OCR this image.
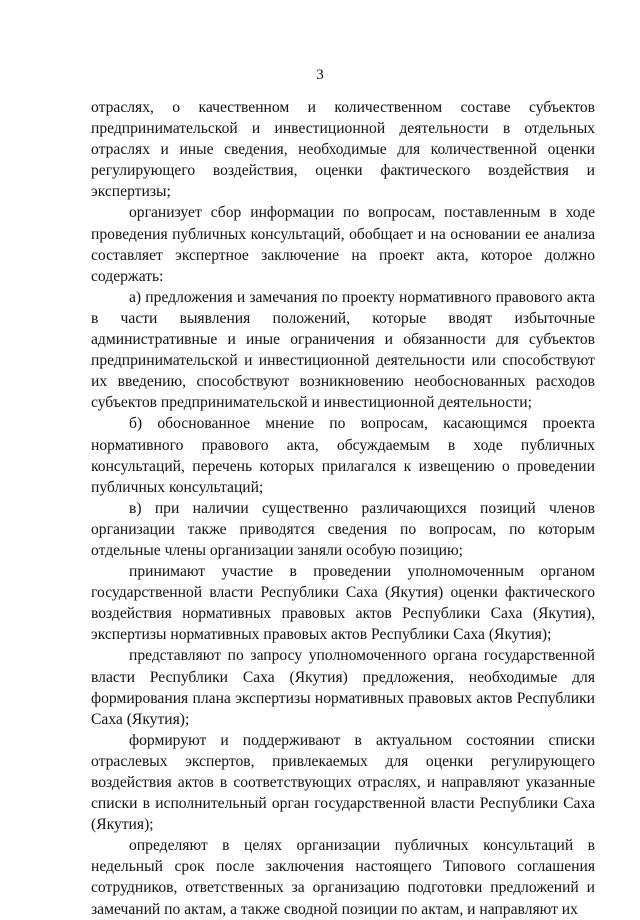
3

отраслях, о качественном и количественном составе субъектов предпринимательской и инвестиционной деятельности в отдельных отраслях и иные сведения, необходимые для количественной оценки регулирующего воздействия, оценки фактического воздействия и экспертизы;

организует сбор информации по вопросам, поставленным в ходе проведения публичных консультаций, обобщает и на основании ее анализа составляет экспертное заключение на проект акта, которое должно содержать:

а) предложения и замечания по проекту нормативного правового акта в части выявления положений, которые вводят избыточные административные и иные ограничения и обязанности для субъектов предпринимательской и инвестиционной деятельности или способствуют их введению, способствуют возникновению необоснованных расходов субъектов предпринимательской и инвестиционной деятельности;

б) обоснованное мнение по вопросам, касающимся проекта нормативного правового акта, обсуждаемым в ходе публичных консультаций, перечень которых прилагался к извещению о проведении публичных консультаций;

в) при наличии существенно различающихся позиций членов организации также приводятся сведения по вопросам, по которым отдельные члены организации заняли особую позицию;

принимают участие в проведении уполномоченным органом государственной власти Республики Саха (Якутия) оценки фактического воздействия нормативных правовых актов Республики Саха (Якутия), экспертизы нормативных правовых актов Республики Саха (Якутия);

представляют по запросу уполномоченного органа государственной власти Республики Саха (Якутия) предложения, необходимые для формирования плана экспертизы нормативных правовых актов Республики Саха (Якутия);

формируют и поддерживают в актуальном состоянии списки отраслевых экспертов, привлекаемых для оценки регулирующего воздействия актов в соответствующих отраслях, и направляют указанные списки в исполнительный орган государственной власти Республики Саха (Якутия);

определяют в целях организации публичных консультаций в недельный срок после заключения настоящего Типового соглашения сотрудников, ответственных за организацию подготовки предложений и замечаний по актам, а также сводной позиции по актам, и направляют их
